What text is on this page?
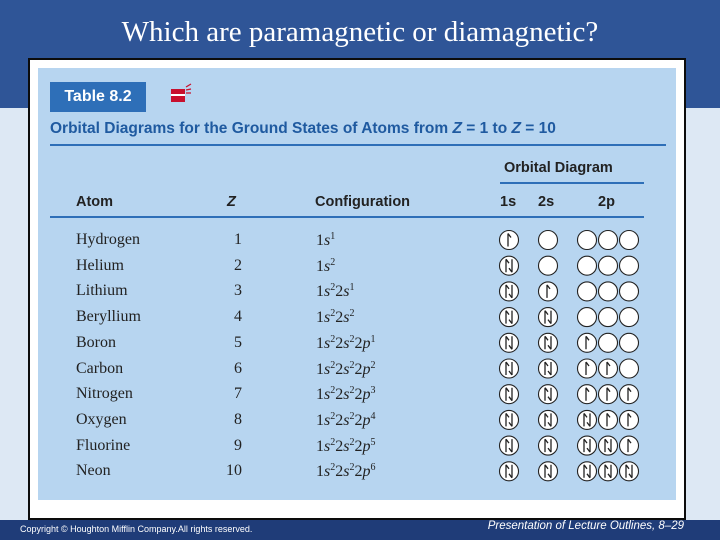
Which are paramagnetic or diamagnetic?
Table 8.2
Orbital Diagrams for the Ground States of Atoms from Z = 1 to Z = 10
Orbital Diagram
Atom	Z	Configuration	1s 2s	2p
Hydrogen	1	$1s^1$
Helium	2	$1s^2$
Lithium	3	$1s^22s^1$
Beryllium	4	$1s^22s^2$
Boron	5	$1s^22s^22p^1$
Carbon	6	$1s^22s^22p^2$
Nitrogen	7	$1s^22s^22p^3$
Oxygen	8	$1s^22s^22p^4$
Fluorine	9	$1s^22s^22p^5$
Neon	10	$1s^22s^22p^6$
Copyright © Houghton Mifflin Company.All rights reserved.	Presentation of Lecture Outlines, 8–29
